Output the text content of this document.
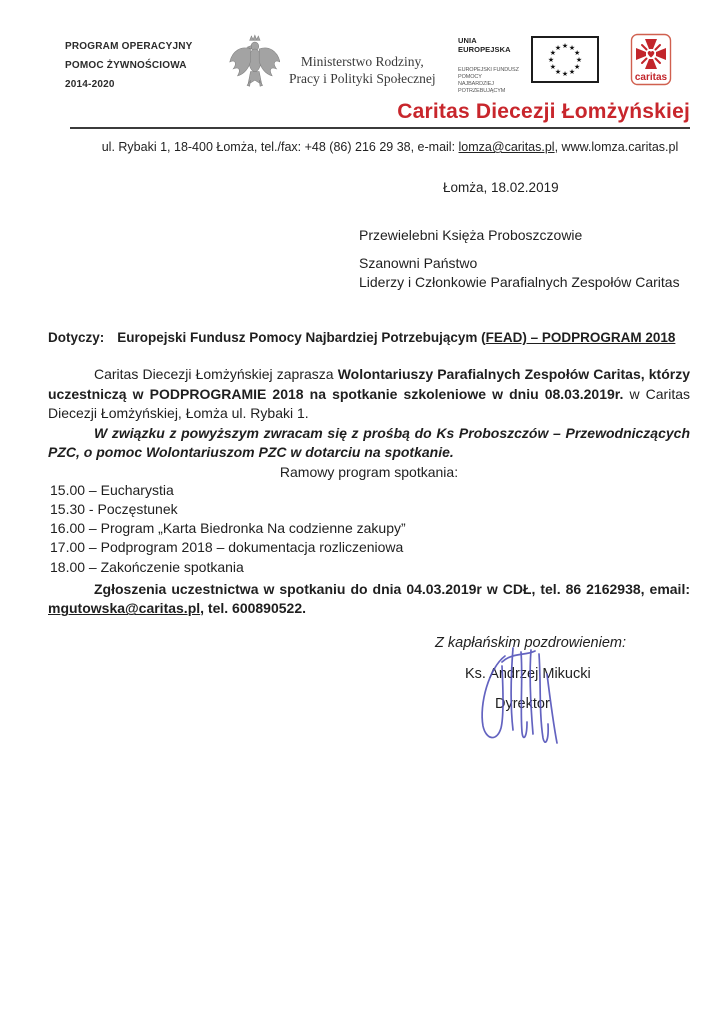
PROGRAM OPERACYJNY
POMOC ŻYWNOŚCIOWA
2014-2020
Ministerstwo Rodziny,
Pracy i Polityki Społecznej
UNIA EUROPEJSKA
EUROPEJSKI FUNDUSZ POMOCY
NAJBARDZIEJ POTRZEBUJĄCYM
★ ★
★
★
★
★
★
★
★
★
★
★
caritas
Caritas Diecezji Łomżyńskiej
ul. Rybaki 1, 18-400 Łomża, tel./fax: +48 (86) 216 29 38, e-mail: lomza@caritas.pl, www.lomza.caritas.pl
Łomża, 18.02.2019
Przewielebni Księża Proboszczowie
Szanowni Państwo
Liderzy i Członkowie Parafialnych Zespołów Caritas
Dotyczy: Europejski Fundusz Pomocy Najbardziej Potrzebującym (FEAD) – PODPROGRAM 2018

Caritas Diecezji Łomżyńskiej zaprasza Wolontariuszy Parafialnych Zespołów Caritas, którzy uczestniczą w PODPROGRAMIE 2018 na spotkanie szkoleniowe w dniu 08.03.2019r. w Caritas Diecezji Łomżyńskiej, Łomża ul. Rybaki 1.

W związku z powyższym zwracam się z prośbą do Ks Proboszczów – Przewodniczących PZC, o pomoc Wolontariuszom PZC w dotarciu na spotkanie.

Ramowy program spotkania:
15.00 – Eucharystia
15.30 - Poczęstunek
16.00 – Program „Karta Biedronka Na codzienne zakupy”
17.00 – Podprogram 2018 – dokumentacja rozliczeniowa
18.00 – Zakończenie spotkania

Zgłoszenia uczestnictwa w spotkaniu do dnia 04.03.2019r w CDŁ, tel. 86 2162938, email: mgutowska@caritas.pl, tel. 600890522.

Z kapłańskim pozdrowieniem:
Ks. Andrzej Mikucki
Dyrektor
